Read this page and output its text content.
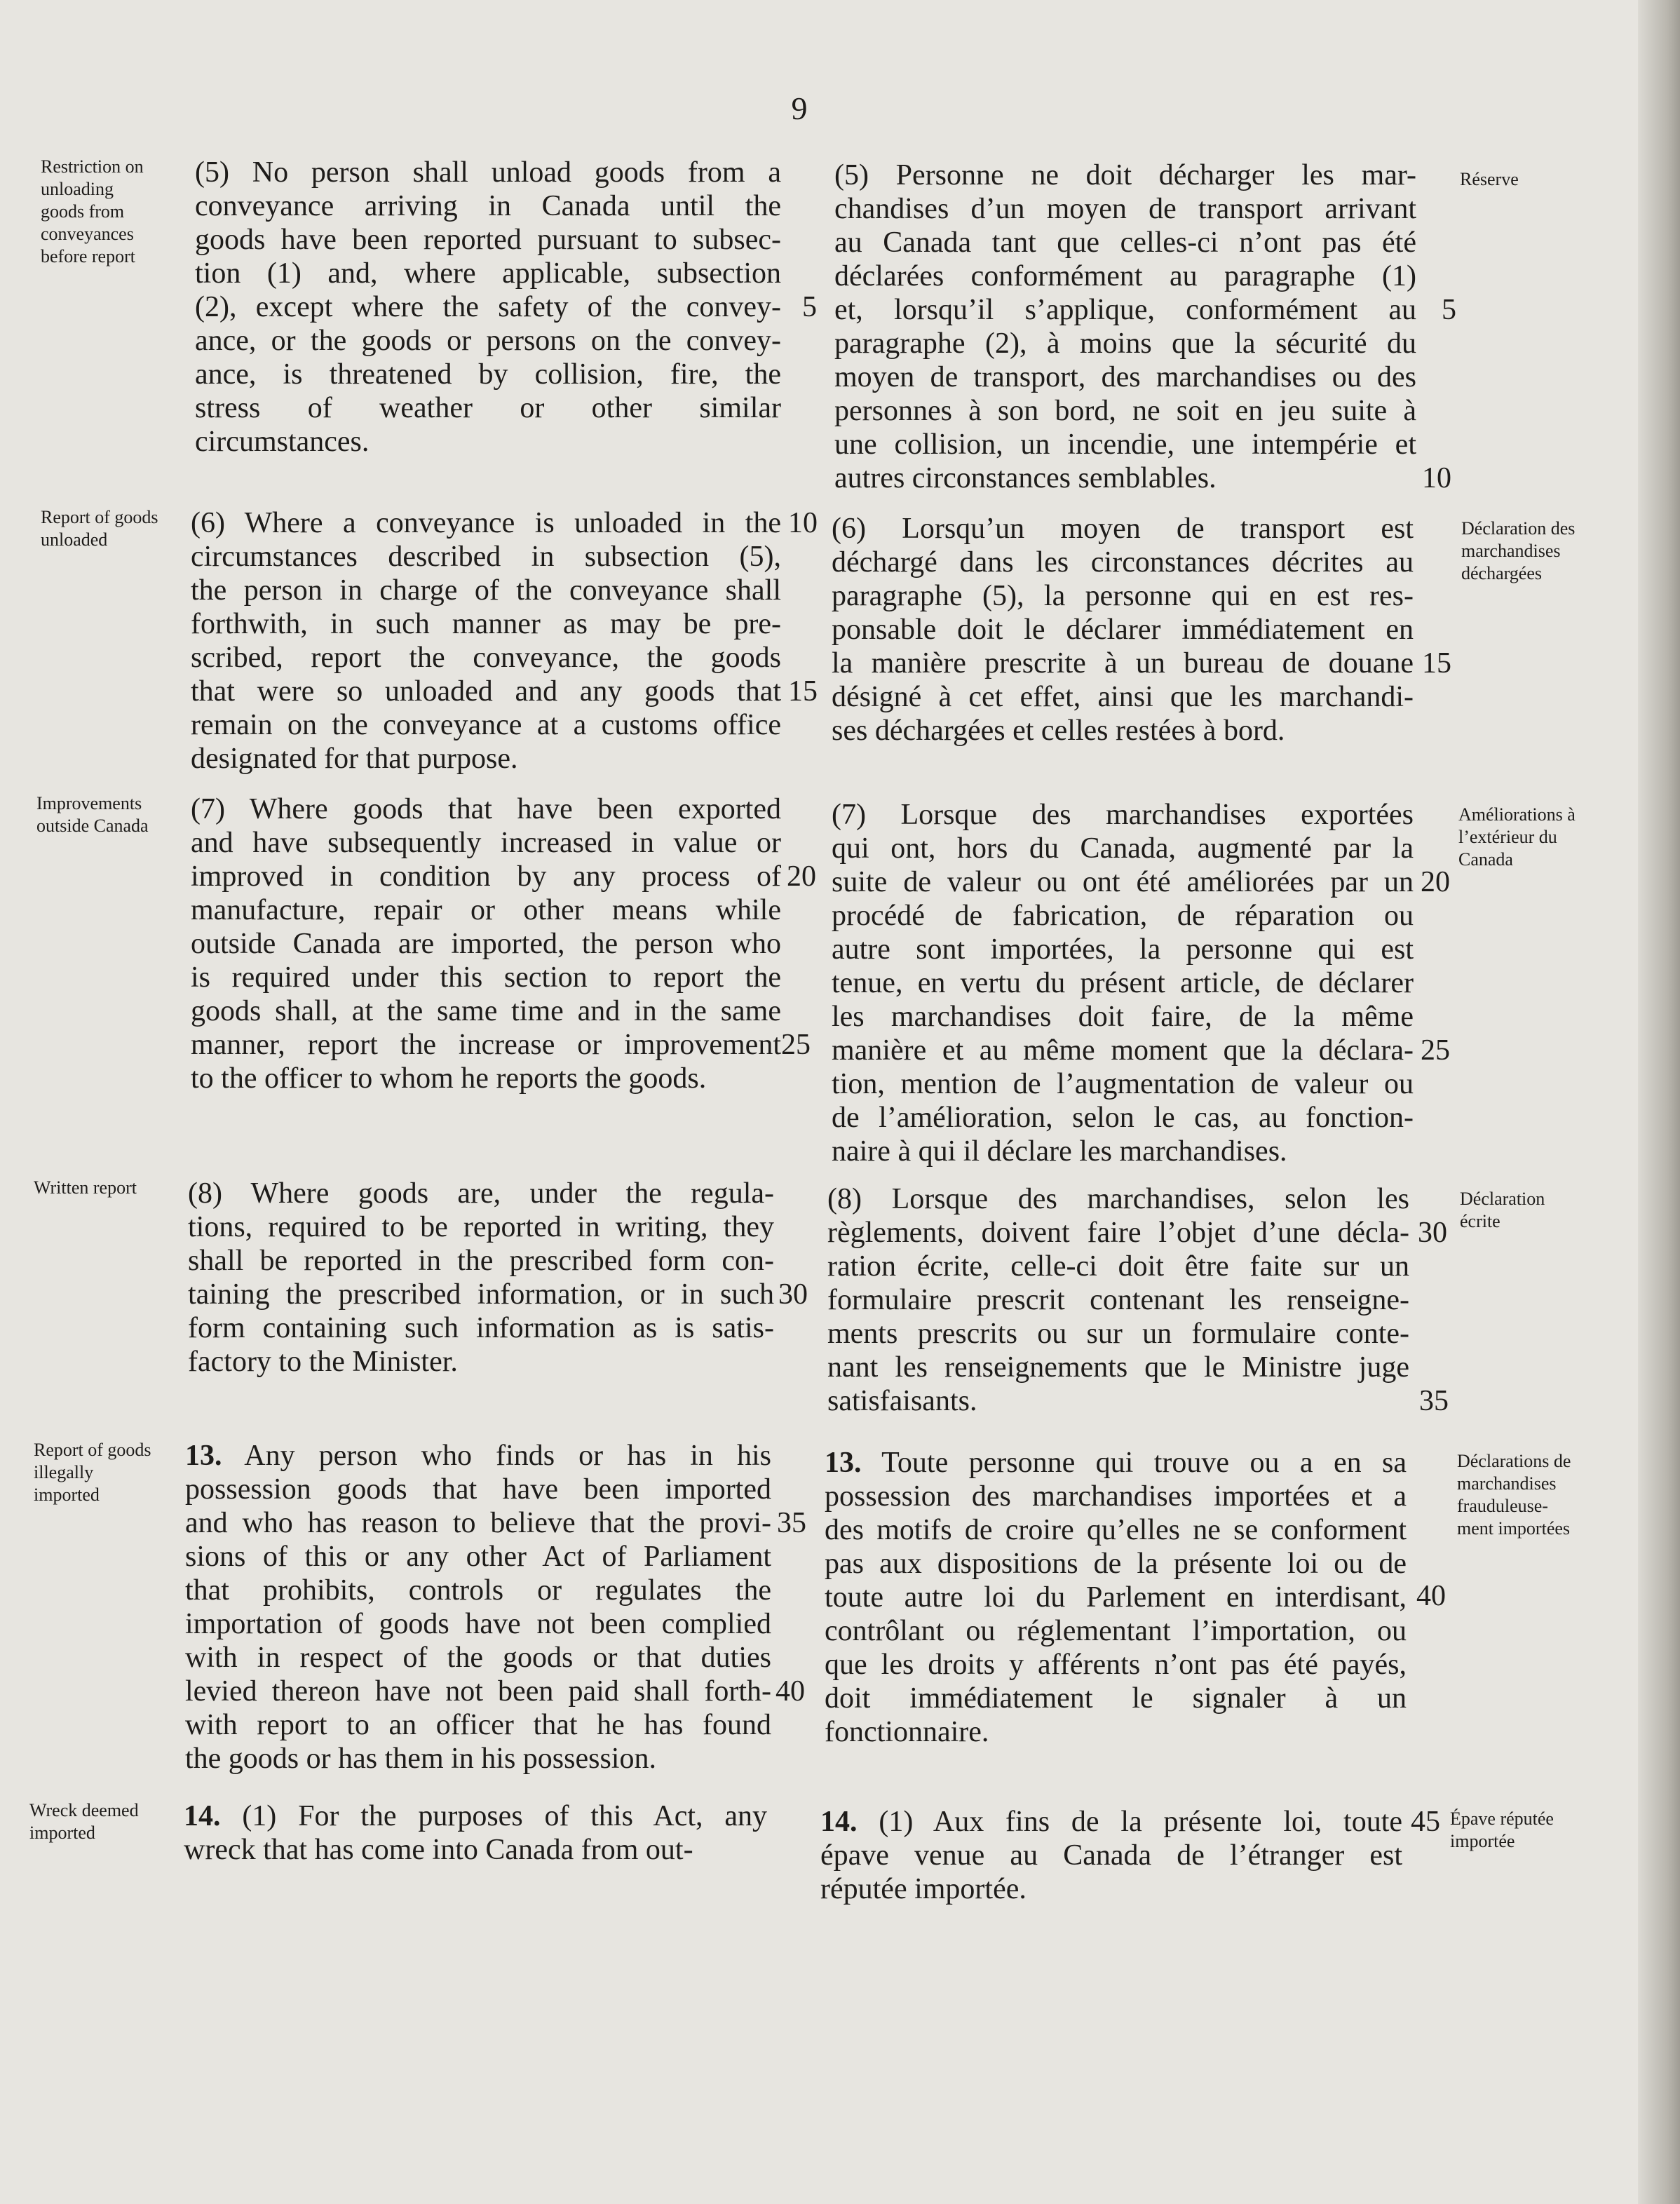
9
Restriction on
unloading
goods from
conveyances
before report
Report of goods
unloaded
Improvements
outside Canada
Written report
Report of goods
illegally
imported
Wreck deemed
imported
(5) No person shall unload goods from a
conveyance arriving in Canada until the
goods have been reported pursuant to subsec-
tion (1) and, where applicable, subsection
(2), except where the safety of the convey-
ance, or the goods or persons on the convey-
ance, is threatened by collision, fire, the
stress of weather or other similar
circumstances.
(6) Where a conveyance is unloaded in the
circumstances described in subsection (5),
the person in charge of the conveyance shall
forthwith, in such manner as may be pre-
scribed, report the conveyance, the goods
that were so unloaded and any goods that
remain on the conveyance at a customs office
designated for that purpose.
(7) Where goods that have been exported
and have subsequently increased in value or
improved in condition by any process of
manufacture, repair or other means while
outside Canada are imported, the person who
is required under this section to report the
goods shall, at the same time and in the same
manner, report the increase or improvement
to the officer to whom he reports the goods.
(8) Where goods are, under the regula-
tions, required to be reported in writing, they
shall be reported in the prescribed form con-
taining the prescribed information, or in such
form containing such information as is satis-
factory to the Minister.
13. Any person who finds or has in his
possession goods that have been imported
and who has reason to believe that the provi-
sions of this or any other Act of Parliament
that prohibits, controls or regulates the
importation of goods have not been complied
with in respect of the goods or that duties
levied thereon have not been paid shall forth-
with report to an officer that he has found
the goods or has them in his possession.
14. (1) For the purposes of this Act, any
wreck that has come into Canada from out-
5
10
15
20
25
30
35
40
(5) Personne ne doit décharger les mar-
chandises d’un moyen de transport arrivant
au Canada tant que celles-ci n’ont pas été
déclarées conformément au paragraphe (1)
et, lorsqu’il s’applique, conformément au
paragraphe (2), à moins que la sécurité du
moyen de transport, des marchandises ou des
personnes à son bord, ne soit en jeu suite à
une collision, un incendie, une intempérie et
autres circonstances semblables.
(6) Lorsqu’un moyen de transport est
déchargé dans les circonstances décrites au
paragraphe (5), la personne qui en est res-
ponsable doit le déclarer immédiatement en
la manière prescrite à un bureau de douane
désigné à cet effet, ainsi que les marchandi-
ses déchargées et celles restées à bord.
(7) Lorsque des marchandises exportées
qui ont, hors du Canada, augmenté par la
suite de valeur ou ont été améliorées par un
procédé de fabrication, de réparation ou
autre sont importées, la personne qui est
tenue, en vertu du présent article, de déclarer
les marchandises doit faire, de la même
manière et au même moment que la déclara-
tion, mention de l’augmentation de valeur ou
de l’amélioration, selon le cas, au fonction-
naire à qui il déclare les marchandises.
(8) Lorsque des marchandises, selon les
règlements, doivent faire l’objet d’une décla-
ration écrite, celle-ci doit être faite sur un
formulaire prescrit contenant les renseigne-
ments prescrits ou sur un formulaire conte-
nant les renseignements que le Ministre juge
satisfaisants.
13. Toute personne qui trouve ou a en sa
possession des marchandises importées et a
des motifs de croire qu’elles ne se conforment
pas aux dispositions de la présente loi ou de
toute autre loi du Parlement en interdisant,
contrôlant ou réglementant l’importation, ou
que les droits y afférents n’ont pas été payés,
doit immédiatement le signaler à un
fonctionnaire.
14. (1) Aux fins de la présente loi, toute
épave venue au Canada de l’étranger est
réputée importée.
5
10
15
20
25
30
35
40
45
Réserve
Déclaration des
marchandises
déchargées
Améliorations à
l’extérieur du
Canada
Déclaration
écrite
Déclarations de
marchandises
frauduleuse-
ment importées
Épave réputée
importée
